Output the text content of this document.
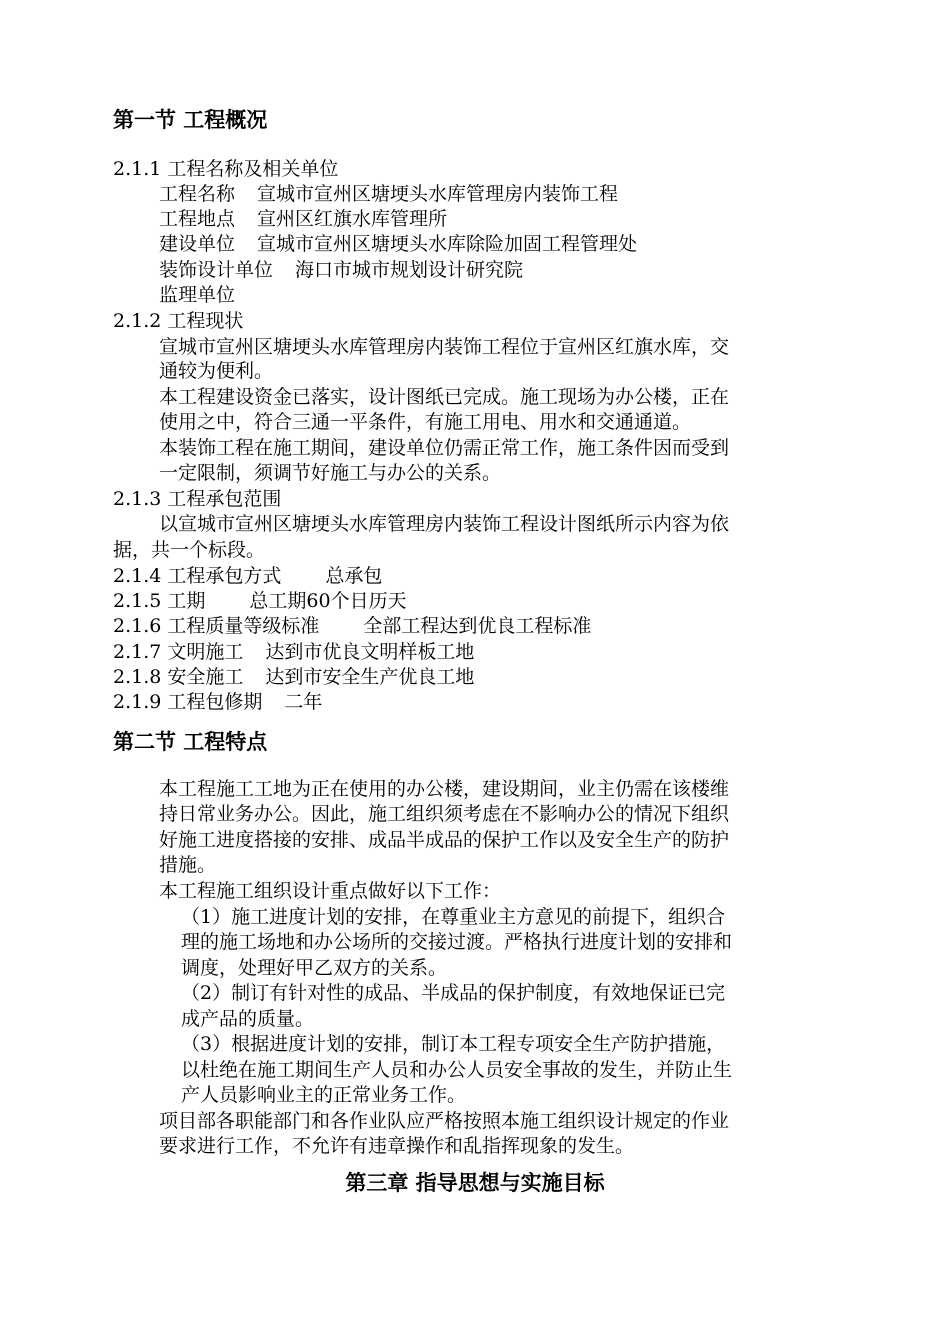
第一节 工程概况
2.1.1 工程名称及相关单位
工程名称 宣城市宣州区塘埂头水库管理房内装饰工程
工程地点 宣州区红旗水库管理所
建设单位 宣城市宣州区塘埂头水库除险加固工程管理处
装饰设计单位 海口市城市规划设计研究院
监理单位
2.1.2 工程现状
宣城市宣州区塘埂头水库管理房内装饰工程位于宣州区红旗水库，交
通较为便利。
本工程建设资金已落实，设计图纸已完成。施工现场为办公楼，正在
使用之中，符合三通一平条件，有施工用电、用水和交通通道。
本装饰工程在施工期间，建设单位仍需正常工作，施工条件因而受到
一定限制，须调节好施工与办公的关系。
2.1.3 工程承包范围
以宣城市宣州区塘埂头水库管理房内装饰工程设计图纸所示内容为依
据，共一个标段。
2.1.4 工程承包方式 总承包
2.1.5 工期 总工期60个日历天
2.1.6 工程质量等级标准 全部工程达到优良工程标准
2.1.7 文明施工 达到市优良文明样板工地
2.1.8 安全施工 达到市安全生产优良工地
2.1.9 工程包修期 二年
第二节 工程特点
本工程施工工地为正在使用的办公楼，建设期间，业主仍需在该楼维
持日常业务办公。因此，施工组织须考虑在不影响办公的情况下组织
好施工进度搭接的安排、成品半成品的保护工作以及安全生产的防护
措施。
本工程施工组织设计重点做好以下工作：
（1）施工进度计划的安排，在尊重业主方意见的前提下，组织合
理的施工场地和办公场所的交接过渡。严格执行进度计划的安排和
调度，处理好甲乙双方的关系。
（2）制订有针对性的成品、半成品的保护制度，有效地保证已完
成产品的质量。
（3）根据进度计划的安排，制订本工程专项安全生产防护措施，
以杜绝在施工期间生产人员和办公人员安全事故的发生，并防止生
产人员影响业主的正常业务工作。
项目部各职能部门和各作业队应严格按照本施工组织设计规定的作业
要求进行工作，不允许有违章操作和乱指挥现象的发生。
第三章 指导思想与实施目标
